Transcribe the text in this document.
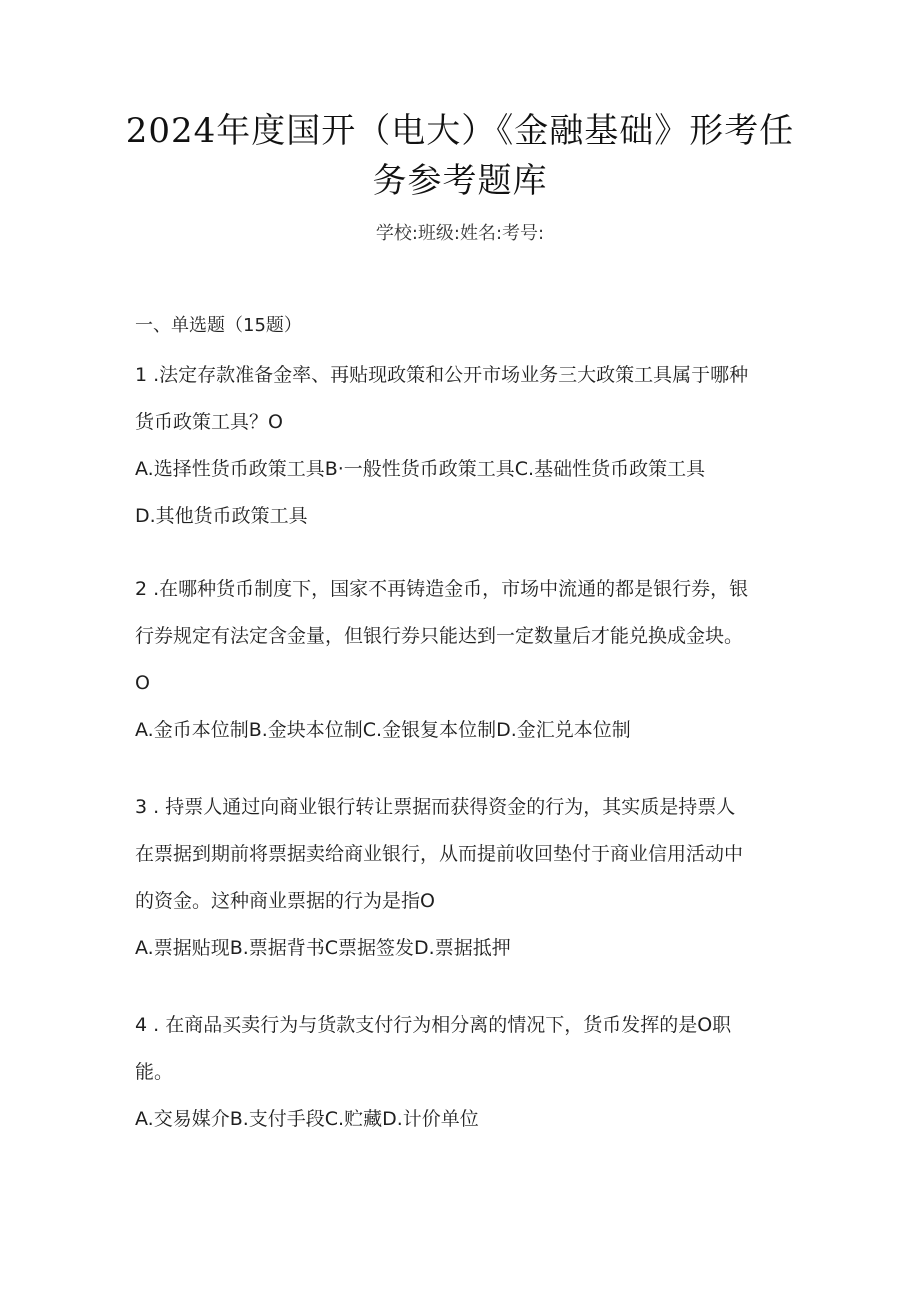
2024年度国开（电大）《金融基础》形考任
务参考题库
学校:班级:姓名:考号:
一、单选题（15题）
1 .法定存款准备金率、再贴现政策和公开市场业务三大政策工具属于哪种
货币政策工具？O
A.选择性货币政策工具B·一般性货币政策工具C.基础性货币政策工具
D.其他货币政策工具
2 .在哪种货币制度下，国家不再铸造金币，市场中流通的都是银行券，银
行券规定有法定含金量，但银行券只能达到一定数量后才能兑换成金块。
O
A.金币本位制B.金块本位制C.金银复本位制D.金汇兑本位制
3 . 持票人通过向商业银行转让票据而获得资金的行为，其实质是持票人
在票据到期前将票据卖给商业银行，从而提前收回垫付于商业信用活动中
的资金。这种商业票据的行为是指O
A.票据贴现B.票据背书C票据签发D.票据抵押
4 . 在商品买卖行为与货款支付行为相分离的情况下，货币发挥的是O职
能。
A.交易媒介B.支付手段C.贮藏D.计价单位
